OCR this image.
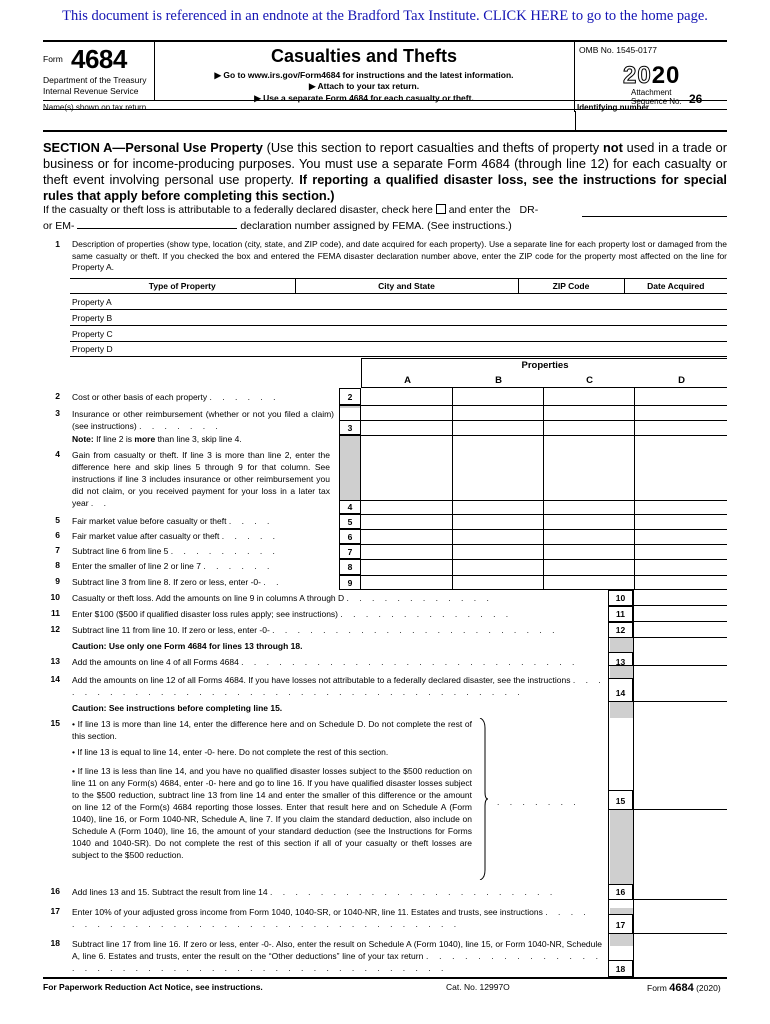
This document is referenced in an endnote at the Bradford Tax Institute. CLICK HERE to go to the home page.
Form 4684
Department of the Treasury
Internal Revenue Service
Casualties and Thefts
▶ Go to www.irs.gov/Form4684 for instructions and the latest information.
▶ Attach to your tax return.
▶ Use a separate Form 4684 for each casualty or theft.
OMB No. 1545-0177
2020
Attachment
Sequence No. 26
Name(s) shown on tax return	Identifying number
SECTION A—Personal Use Property (Use this section to report casualties and thefts of property not used in a trade or business or for income-producing purposes. You must use a separate Form 4684 (through line 12) for each casualty or theft event involving personal use property. If reporting a qualified disaster loss, see the instructions for special rules that apply before completing this section.)
If the casualty or theft loss is attributable to a federally declared disaster, check here and enter the DR-
or EM-	declaration number assigned by FEMA. (See instructions.)
1 Description of properties (show type, location (city, state, and ZIP code), and date acquired for each property). Use a separate line for each property lost or damaged from the same casualty or theft. If you checked the box and entered the FEMA disaster declaration number above, enter the ZIP code for the property most affected on the line for Property A.
Type of Property	City and State	ZIP Code	Date Acquired
Property A
Property B
Property C
Property D
Properties
A	B	C	D
2 Cost or other basis of each property . . . . . .	2
3 Insurance or other reimbursement (whether or not you filed a claim) (see instructions) . . . . . . .
Note: If line 2 is more than line 3, skip line 4.
3
4 Gain from casualty or theft. If line 3 is more than line 2, enter the difference here and skip lines 5 through 9 for that column. See instructions if line 3 includes insurance or other reimbursement you did not claim, or you received payment for your loss in a later tax year . .	4
5 Fair market value before casualty or theft . . . .	5
6 Fair market value after casualty or theft . . . . .	6
7 Subtract line 6 from line 5 . . . . . . . . .	7
8 Enter the smaller of line 2 or line 7 . . . . . .	8
9 Subtract line 3 from line 8. If zero or less, enter -0- . .	9
10 Casualty or theft loss. Add the amounts on line 9 in columns A through D . . . . . . . . . . . .	10
11 Enter $100 ($500 if qualified disaster loss rules apply; see instructions) . . . . . . . . . . . . . .	11
12 Subtract line 11 from line 10. If zero or less, enter -0- . . . . . . . . . . . . . . . . . . . . . . .	12
Caution: Use only one Form 4684 for lines 13 through 18.
13 Add the amounts on line 4 of all Forms 4684 . . . . . . . . . . . . . . . . . . . . . . . . . . .	13
14 Add the amounts on line 12 of all Forms 4684. If you have losses not attributable to a federally declared disaster, see the instructions . . . . . . . . . . . . . . . . . . . . . . . . . . . . . . . . . . . . . . .	14
Caution: See instructions before completing line 15.
15 • If line 13 is more than line 14, enter the difference here and on Schedule D. Do not complete the rest of this section.
• If line 13 is equal to line 14, enter -0- here. Do not complete the rest of this section.
• If line 13 is less than line 14, and you have no qualified disaster losses subject to the $500 reduction on line 11 on any Form(s) 4684, enter -0- here and go to line 16. If you have qualified disaster losses subject to the $500 reduction, subtract line 13 from line 14 and enter the smaller of this difference or the amount on line 12 of the Form(s) 4684 reporting those losses. Enter that result here and on Schedule A (Form 1040), line 16, or Form 1040-NR, Schedule A, line 7. If you claim the standard deduction, also include on Schedule A (Form 1040), line 16, the amount of your standard deduction (see the Instructions for Forms 1040 and 1040-SR). Do not complete the rest of this section if all of your casualty or theft losses are subject to the $500 reduction.
. . . . . . .	15
16 Add lines 13 and 15. Subtract the result from line 14 . . . . . . . . . . . . . . . . . . . . . . .	16
17 Enter 10% of your adjusted gross income from Form 1040, 1040-SR, or 1040-NR, line 11. Estates and trusts, see instructions . . . . . . . . . . . . . . . . . . . . . . . . . . . . . . . . . . .	17
18 Subtract line 17 from line 16. If zero or less, enter -0-. Also, enter the result on Schedule A (Form 1040), line 15, or Form 1040-NR, Schedule A, line 6. Estates and trusts, enter the result on the “Other deductions” line of your tax return . . . . . . . . . . . . . . . . . . . . . . . . . . . . . . . . . . . . . . . . . . . .	18
For Paperwork Reduction Act Notice, see instructions.	Cat. No. 12997O	Form 4684 (2020)
